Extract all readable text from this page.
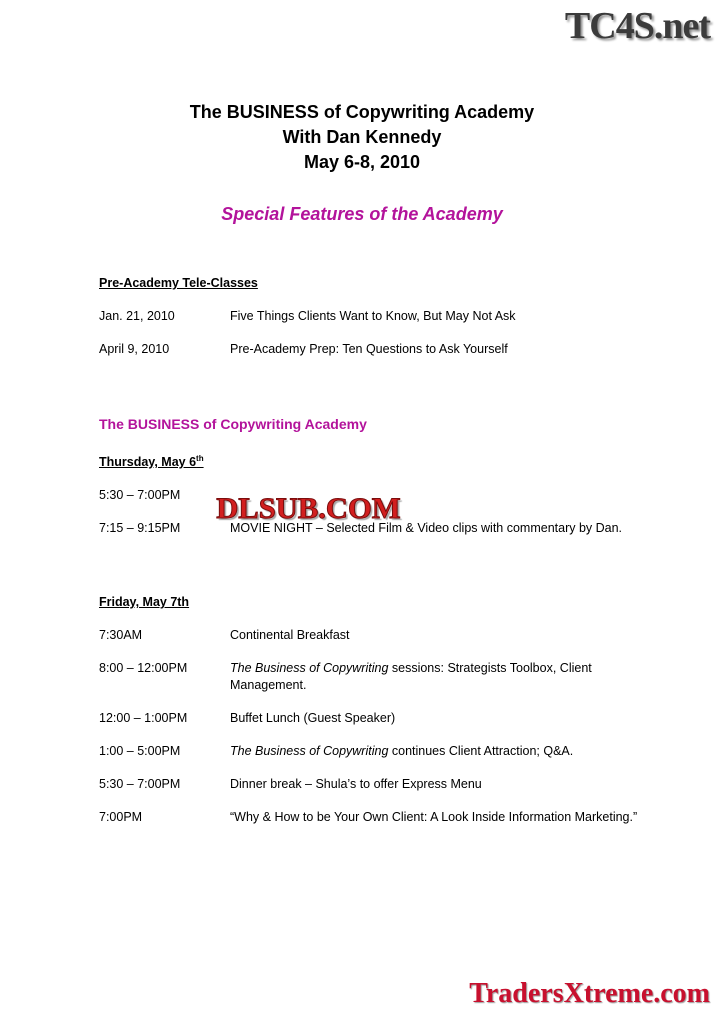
TC4S.net
The BUSINESS of Copywriting Academy
With Dan Kennedy
May 6-8, 2010
Special Features of the Academy
Pre-Academy Tele-Classes
Jan. 21, 2010	Five Things Clients Want to Know, But May Not Ask
April 9, 2010	Pre-Academy Prep: Ten Questions to Ask Yourself
The BUSINESS of Copywriting Academy
Thursday, May 6th
5:30 – 7:00PM
7:15 – 9:15PM	MOVIE NIGHT – Selected Film & Video clips with commentary by Dan.
Friday, May 7th
7:30AM	Continental Breakfast
8:00 – 12:00PM	The Business of Copywriting sessions: Strategists Toolbox, Client Management.
12:00 – 1:00PM	Buffet Lunch (Guest Speaker)
1:00 – 5:00PM	The Business of Copywriting continues Client Attraction; Q&A.
5:30 – 7:00PM	Dinner break – Shula’s to offer Express Menu
7:00PM	“Why & How to be Your Own Client: A Look Inside Information Marketing.”
DLSUB.COM
TradersXtreme.com
